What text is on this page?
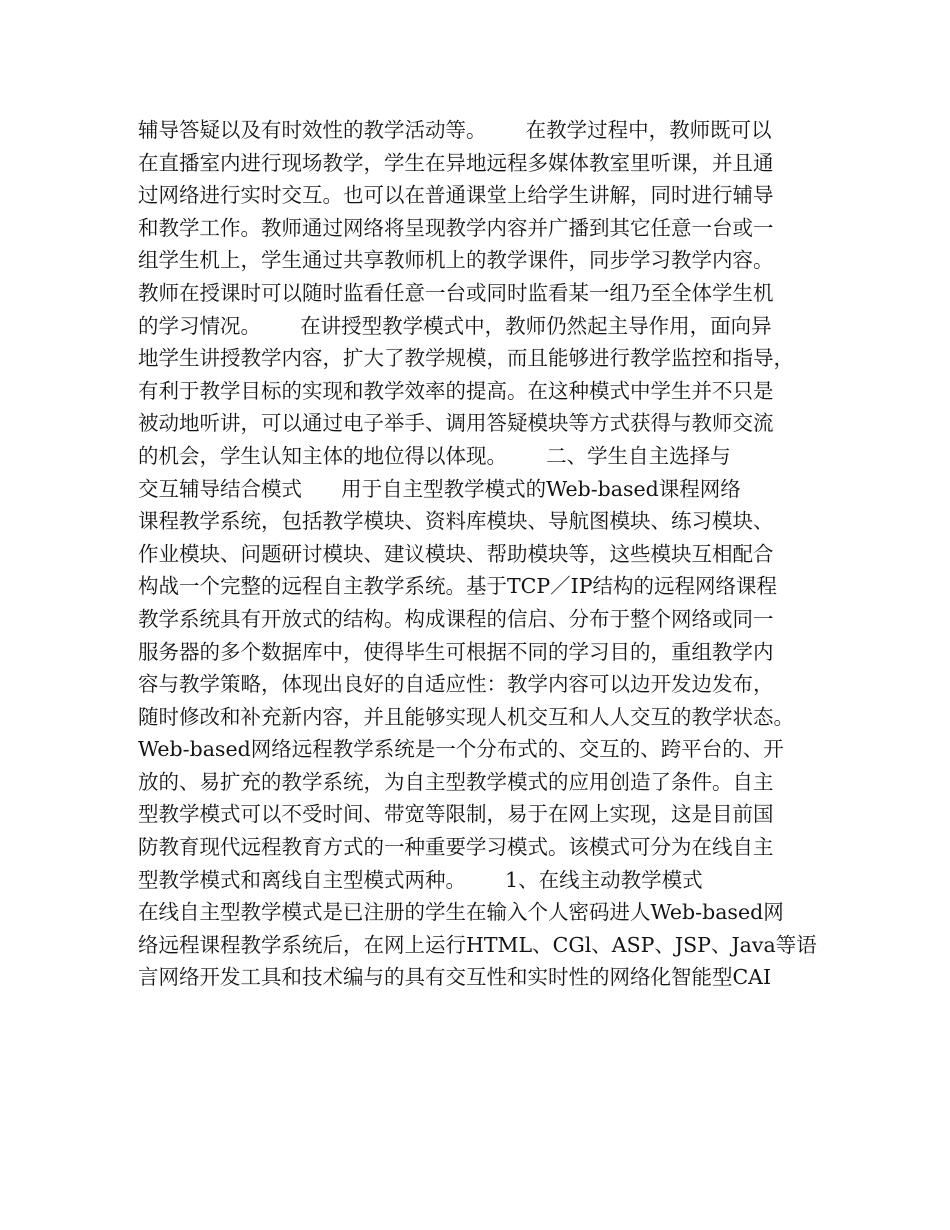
辅导答疑以及有时效性的教学活动等。      在教学过程中，教师既可以
在直播室内进行现场教学，学生在异地远程多媒体教室里听课，并且通
过网络进行实时交互。也可以在普通课堂上给学生讲解，同时进行辅导
和教学工作。教师通过网络将呈现教学内容并广播到其它任意一台或一
组学生机上，学生通过共享教师机上的教学课件，同步学习教学内容。
教师在授课时可以随时监看任意一台或同时监看某一组乃至全体学生机
的学习情况。      在讲授型教学模式中，教师仍然起主导作用，面向异
地学生讲授教学内容，扩大了教学规模，而且能够进行教学监控和指导，
有利于教学目标的实现和教学效率的提高。在这种模式中学生并不只是
被动地听讲，可以通过电子举手、调用答疑模块等方式获得与教师交流
的机会，学生认知主体的地位得以体现。      二、学生自主选择与
交互辅导结合模式      用于自主型教学模式的Web-based课程网络
课程教学系统，包括教学模块、资料库模块、导航图模块、练习模块、
作业模块、问题研讨模块、建议模块、帮助模块等，这些模块互相配合
构战一个完整的远程自主教学系统。基于TCP／IP结构的远程网络课程
教学系统具有开放式的结构。构成课程的信启、分布于整个网络或同一
服务器的多个数据库中，使得毕生可根据不同的学习目的，重组教学内
容与教学策略，体现出良好的自适应性：教学内容可以边开发边发布，
随时修改和补充新内容，并且能够实现人机交互和人人交互的教学状态。
Web-based网络远程教学系统是一个分布式的、交互的、跨平台的、开
放的、易扩充的教学系统，为自主型教学模式的应用创造了条件。自主
型教学模式可以不受时间、带宽等限制，易于在网上实现，这是目前国
防教育现代远程教育方式的一种重要学习模式。该模式可分为在线自主
型教学模式和离线自主型模式两种。      1、在线主动教学模式
在线自主型教学模式是已注册的学生在输入个人密码进人Web-based网
络远程课程教学系统后，在网上运行HTML、CGl、ASP、JSP、Java等语
言网络开发工具和技术编与的具有交互性和实时性的网络化智能型CAI
